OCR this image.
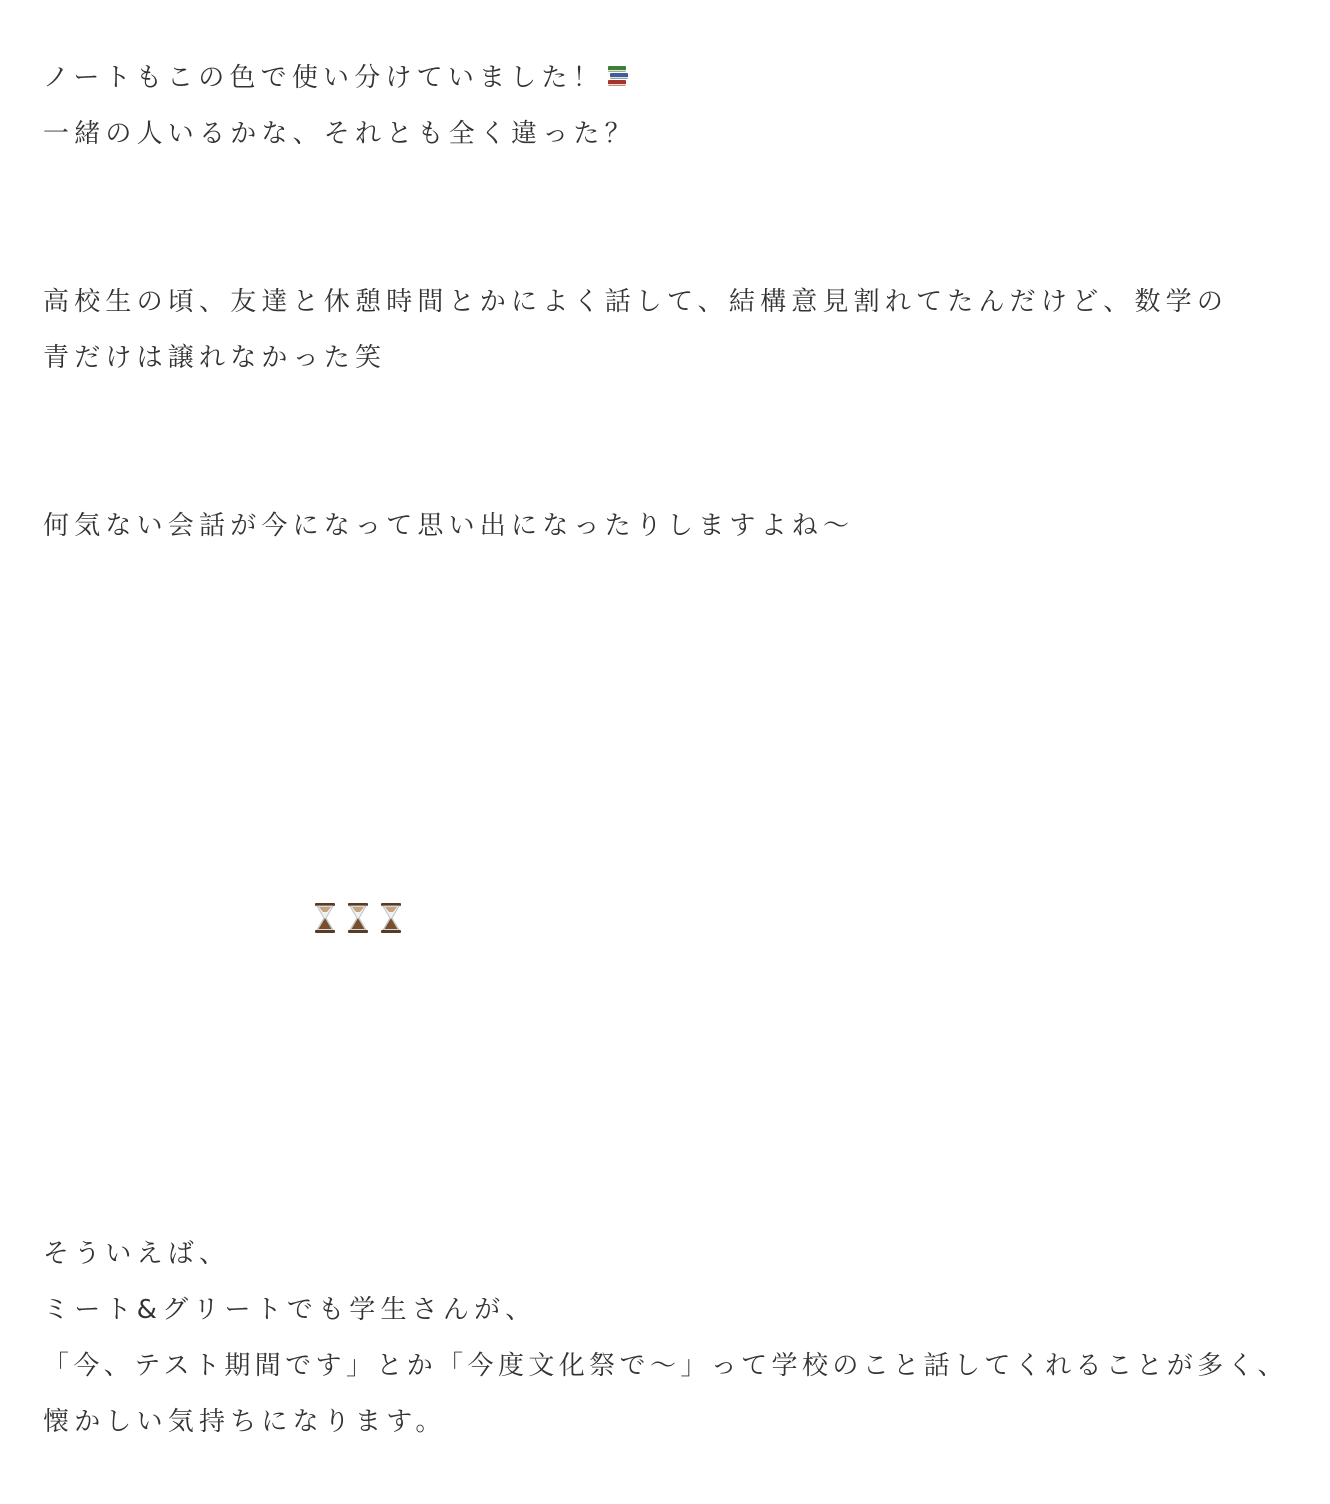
ノートもこの色で使い分けていました！
一緒の人いるかな、それとも全く違った？
高校生の頃、友達と休憩時間とかによく話して、結構意見割れてたんだけど、数学の
青だけは譲れなかった笑
何気ない会話が今になって思い出になったりしますよね〜
そういえば、
ミート&グリートでも学生さんが、
「今、テスト期間です」とか「今度文化祭で〜」って学校のこと話してくれることが多く、
懐かしい気持ちになります。
